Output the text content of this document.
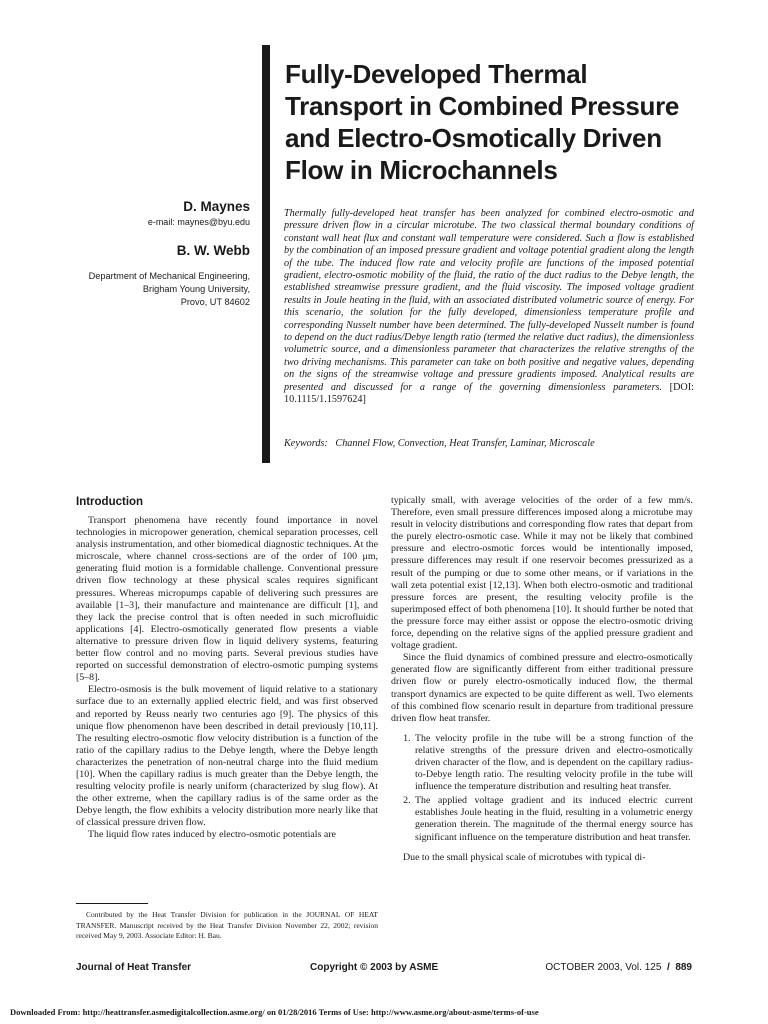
Fully-Developed Thermal
Transport in Combined Pressure
and Electro-Osmotically Driven
Flow in Microchannels
D. Maynes
e-mail: maynes@byu.edu
B. W. Webb
Department of Mechanical Engineering,
Brigham Young University,
Provo, UT 84602
Thermally fully-developed heat transfer has been analyzed for combined electro-osmotic and pressure driven flow in a circular microtube. The two classical thermal boundary conditions of constant wall heat flux and constant wall temperature were considered. Such a flow is established by the combination of an imposed pressure gradient and voltage potential gradient along the length of the tube. The induced flow rate and velocity profile are functions of the imposed potential gradient, electro-osmotic mobility of the fluid, the ratio of the duct radius to the Debye length, the established streamwise pressure gradient, and the fluid viscosity. The imposed voltage gradient results in Joule heating in the fluid, with an associated distributed volumetric source of energy. For this scenario, the solution for the fully developed, dimensionless temperature profile and corresponding Nusselt number have been determined. The fully-developed Nusselt number is found to depend on the duct radius/Debye length ratio (termed the relative duct radius), the dimensionless volumetric source, and a dimensionless parameter that characterizes the relative strengths of the two driving mechanisms. This parameter can take on both positive and negative values, depending on the signs of the streamwise voltage and pressure gradients imposed. Analytical results are presented and discussed for a range of the governing dimensionless parameters. [DOI: 10.1115/1.1597624]
Keywords: Channel Flow, Convection, Heat Transfer, Laminar, Microscale
Introduction

Transport phenomena have recently found importance in novel technologies in micropower generation, chemical separation processes, cell analysis instrumentation, and other biomedical diagnostic techniques. At the microscale, where channel cross-sections are of the order of 100 μm, generating fluid motion is a formidable challenge. Conventional pressure driven flow technology at these physical scales requires significant pressures. Whereas micropumps capable of delivering such pressures are available [1–3], their manufacture and maintenance are difficult [1], and they lack the precise control that is often needed in such microfluidic applications [4]. Electro-osmotically generated flow presents a viable alternative to pressure driven flow in liquid delivery systems, featuring better flow control and no moving parts. Several previous studies have reported on successful demonstration of electro-osmotic pumping systems [5–8].

Electro-osmosis is the bulk movement of liquid relative to a stationary surface due to an externally applied electric field, and was first observed and reported by Reuss nearly two centuries ago [9]. The physics of this unique flow phenomenon have been described in detail previously [10,11]. The resulting electro-osmotic flow velocity distribution is a function of the ratio of the capillary radius to the Debye length, where the Debye length characterizes the penetration of non-neutral charge into the fluid medium [10]. When the capillary radius is much greater than the Debye length, the resulting velocity profile is nearly uniform (characterized by slug flow). At the other extreme, when the capillary radius is of the same order as the Debye length, the flow exhibits a velocity distribution more nearly like that of classical pressure driven flow.

The liquid flow rates induced by electro-osmotic potentials are

typically small, with average velocities of the order of a few mm/s. Therefore, even small pressure differences imposed along a microtube may result in velocity distributions and corresponding flow rates that depart from the purely electro-osmotic case. While it may not be likely that combined pressure and electro-osmotic forces would be intentionally imposed, pressure differences may result if one reservoir becomes pressurized as a result of the pumping or due to some other means, or if variations in the wall zeta potential exist [12,13]. When both electro-osmotic and traditional pressure forces are present, the resulting velocity profile is the superimposed effect of both phenomena [10]. It should further be noted that the pressure force may either assist or oppose the electro-osmotic driving force, depending on the relative signs of the applied pressure gradient and voltage gradient.

Since the fluid dynamics of combined pressure and electro-osmotically generated flow are significantly different from either traditional pressure driven flow or purely electro-osmotically induced flow, the thermal transport dynamics are expected to be quite different as well. Two elements of this combined flow scenario result in departure from traditional pressure driven flow heat transfer.

1. The velocity profile in the tube will be a strong function of the relative strengths of the pressure driven and electro-osmotically driven character of the flow, and is dependent on the capillary radius-to-Debye length ratio. The resulting velocity profile in the tube will influence the temperature distribution and resulting heat transfer.
2. The applied voltage gradient and its induced electric current establishes Joule heating in the fluid, resulting in a volumetric energy generation therein. The magnitude of the thermal energy source has significant influence on the temperature distribution and heat transfer.

Due to the small physical scale of microtubes with typical di-

Contributed by the Heat Transfer Division for publication in the JOURNAL OF HEAT TRANSFER. Manuscript received by the Heat Transfer Division November 22, 2002; revision received May 9, 2003. Associate Editor: H. Bau.
Journal of Heat Transfer	Copyright © 2003 by ASME	OCTOBER 2003, Vol. 125 / 889
Downloaded From: http://heattransfer.asmedigitalcollection.asme.org/ on 01/28/2016 Terms of Use: http://www.asme.org/about-asme/terms-of-use
